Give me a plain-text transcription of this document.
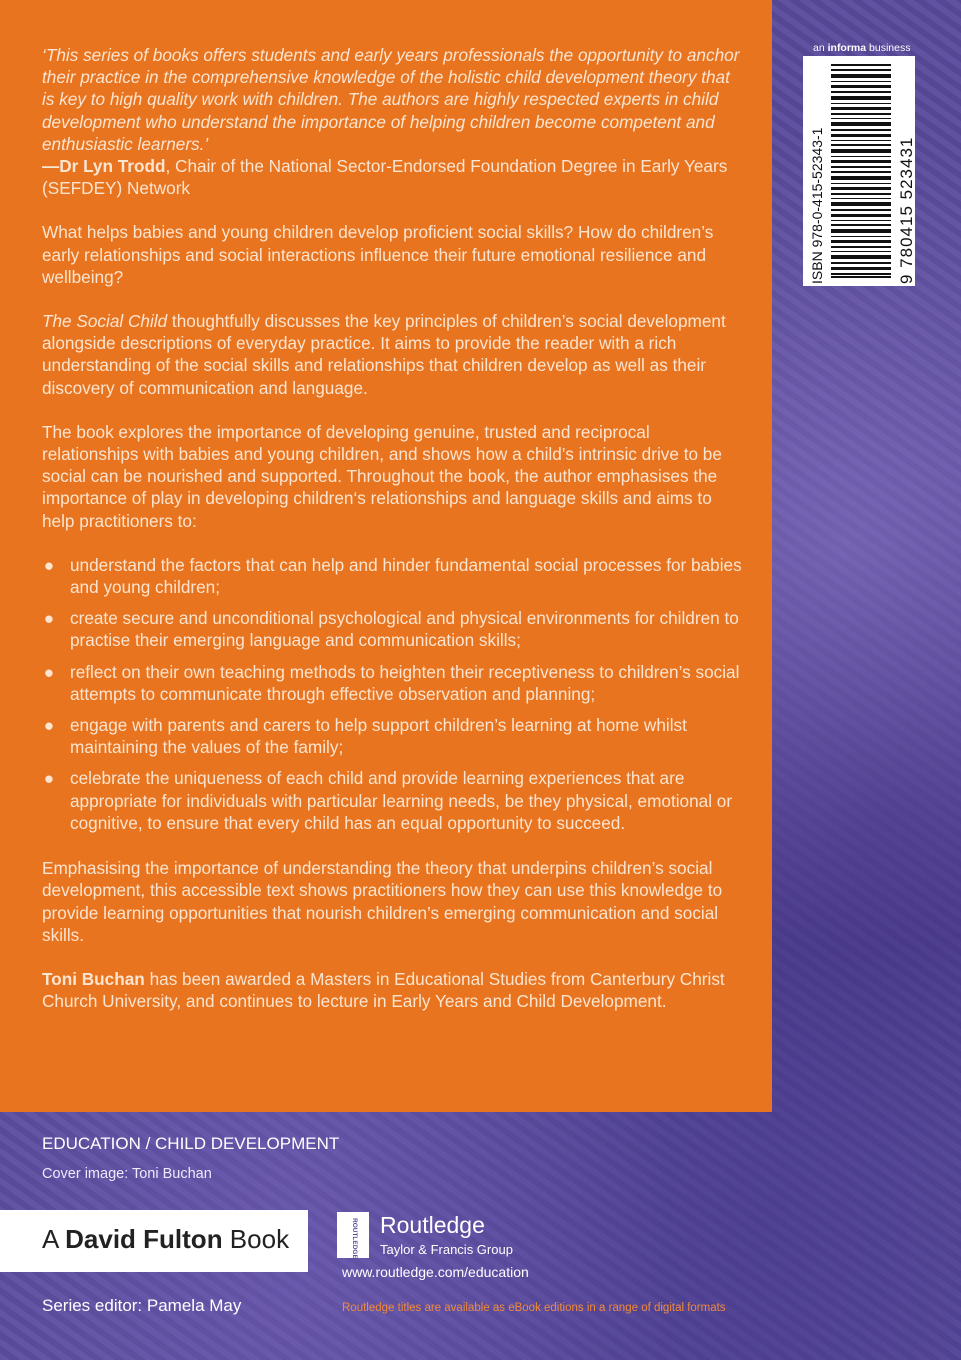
‘This series of books offers students and early years professionals the opportunity to anchor their practice in the comprehensive knowledge of the holistic child development theory that is key to high quality work with children. The authors are highly respected experts in child development who understand the importance of helping children become competent and enthusiastic learners.’

—Dr Lyn Trodd, Chair of the National Sector-Endorsed Foundation Degree in Early Years (SEFDEY) Network

What helps babies and young children develop proficient social skills? How do children’s early relationships and social interactions influence their future emotional resilience and wellbeing?

The Social Child thoughtfully discusses the key principles of children’s social development alongside descriptions of everyday practice. It aims to provide the reader with a rich understanding of the social skills and relationships that children develop as well as their discovery of communication and language.

The book explores the importance of developing genuine, trusted and reciprocal relationships with babies and young children, and shows how a child’s intrinsic drive to be social can be nourished and supported. Throughout the book, the author emphasises the importance of play in developing children‘s relationships and language skills and aims to help practitioners to:

● understand the factors that can help and hinder fundamental social processes for babies and young children;
● create secure and unconditional psychological and physical environments for children to practise their emerging language and communication skills;
● reflect on their own teaching methods to heighten their receptiveness to children’s social attempts to communicate through effective observation and planning;
● engage with parents and carers to help support children’s learning at home whilst maintaining the values of the family;
● celebrate the uniqueness of each child and provide learning experiences that are appropriate for individuals with particular learning needs, be they physical, emotional or cognitive, to ensure that every child has an equal opportunity to succeed.

Emphasising the importance of understanding the theory that underpins children’s social development, this accessible text shows practitioners how they can use this knowledge to provide learning opportunities that nourish children’s emerging communication and social skills.

Toni Buchan has been awarded a Masters in Educational Studies from Canterbury Christ Church University, and continues to lecture in Early Years and Child Development.

an informa business
ISBN 978-0-415-52343-1	9 780415 523431
EDUCATION / CHILD DEVELOPMENT
Cover image: Toni Buchan
A David Fulton Book
Series editor: Pamela May
ROUTLEDGE Routledge
Taylor & Francis Group
www.routledge.com/education
Routledge titles are available as eBook editions in a range of digital formats
